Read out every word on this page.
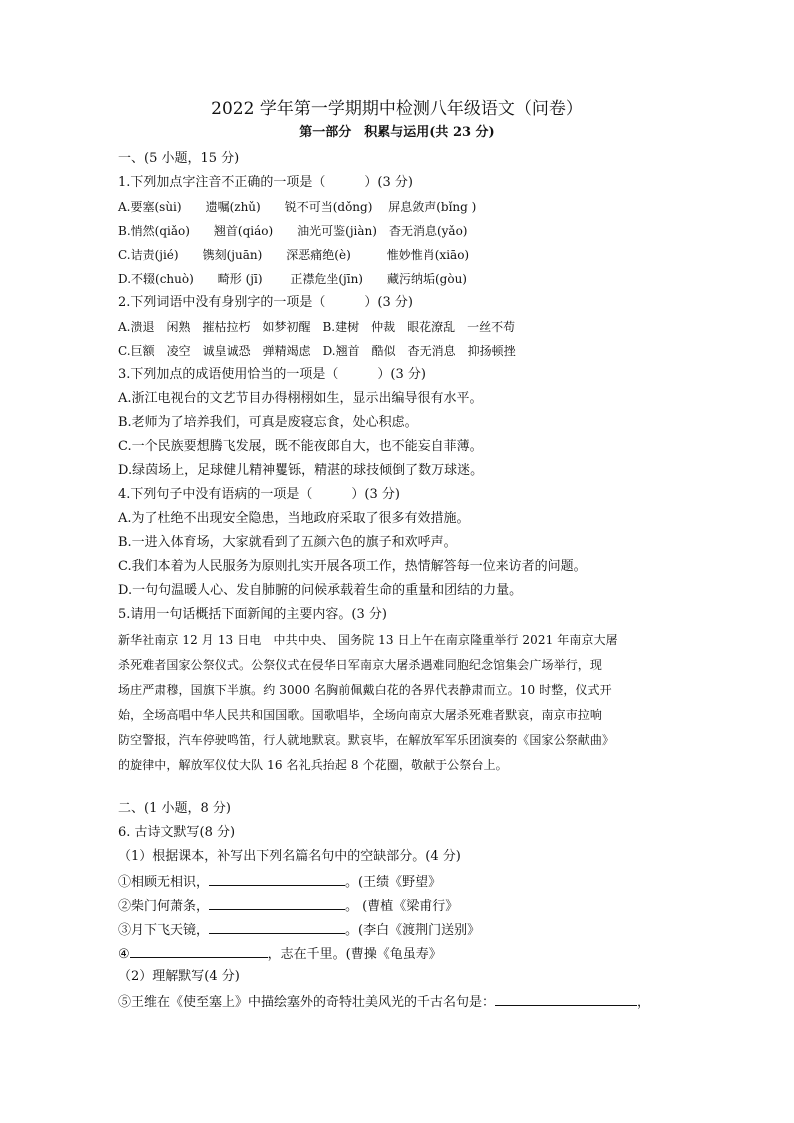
2022 学年第一学期期中检测八年级语文（问卷）
第一部分　积累与运用(共 23 分)
一、(5 小题，15 分)
1.下列加点字注音不正确的一项是（　　　）(3 分)
A.要塞(sùi)　　遗嘱(zhǔ)　　锐不可当(dǒng)　 屏息敛声(bǐng )
B.悄然(qiǎo)　　翘首(qiáo)　　油光可鉴(jiàn)　杳无消息(yǎo)
C.诘责(jié)　　镌刻(juān)　　深恶痛绝(è)　　　惟妙惟肖(xiāo)
D.不辍(chuò)　　畸形 (jī)　　 正襟危坐(jīn)　　藏污纳垢(gòu)
2.下列词语中没有身别字的一项是（　　　）(3 分)
A.溃退　闲熟　摧枯拉朽　如梦初醒　B.建树　仲裁　眼花潦乱　一丝不苟
C.巨额　凌空　诚皇诚恐　弹精竭虑　D.翘首　酷似　杳无消息　抑扬顿挫
3.下列加点的成语使用恰当的一项是（　　　）(3 分)
A.浙江电视台的文艺节目办得栩栩如生，显示出编导很有水平。
B.老师为了培养我们，可真是废寝忘食，处心积虑。
C.一个民族要想腾飞发展，既不能夜郎自大，也不能妄自菲薄。
D.绿茵场上，足球健儿精神矍铄，精湛的球技倾倒了数万球迷。
4.下列句子中没有语病的一项是（　　　）(3 分)
A.为了杜绝不出现安全隐患，当地政府采取了很多有效措施。
B.一进入体育场，大家就看到了五颜六色的旗子和欢呼声。
C.我们本着为人民服务为原则扎实开展各项工作，热情解答每一位来访者的问题。
D.一句句温暖人心、发自肺腑的问候承载着生命的重量和团结的力量。
5.请用一句话概括下面新闻的主要内容。(3 分)
新华社南京 12 月 13 日电　中共中央、 国务院 13 日上午在南京隆重举行 2021 年南京大屠
杀死难者国家公祭仪式。公祭仪式在侵华日军南京大屠杀遇难同胞纪念馆集会广场举行，现
场庄严肃穆，国旗下半旗。约 3000 名胸前佩戴白花的各界代表静肃而立。10 时整，仪式开
始，全场高唱中华人民共和国国歌。国歌唱毕，全场向南京大屠杀死难者默哀，南京市拉响
防空警报，汽车停驶鸣笛，行人就地默哀。默哀毕，在解放军军乐团演奏的《国家公祭献曲》
的旋律中，解放军仪仗大队 16 名礼兵抬起 8 个花圈，敬献于公祭台上。
二、(1 小题，8 分)
6. 古诗文默写(8 分)
（1）根据课本，补写出下列名篇名句中的空缺部分。(4 分)
①相顾无相识，	。(王绩《野望》
②柴门何萧条，	。 (曹植《梁甫行》
③月下飞天镜，	。(李白《渡荆门送别》
④	，志在千里。(曹操《龟虽寿》
（2）理解默写(4 分)
⑤王维在《使至塞上》中描绘塞外的奇特壮美风光的千古名句是：	，
